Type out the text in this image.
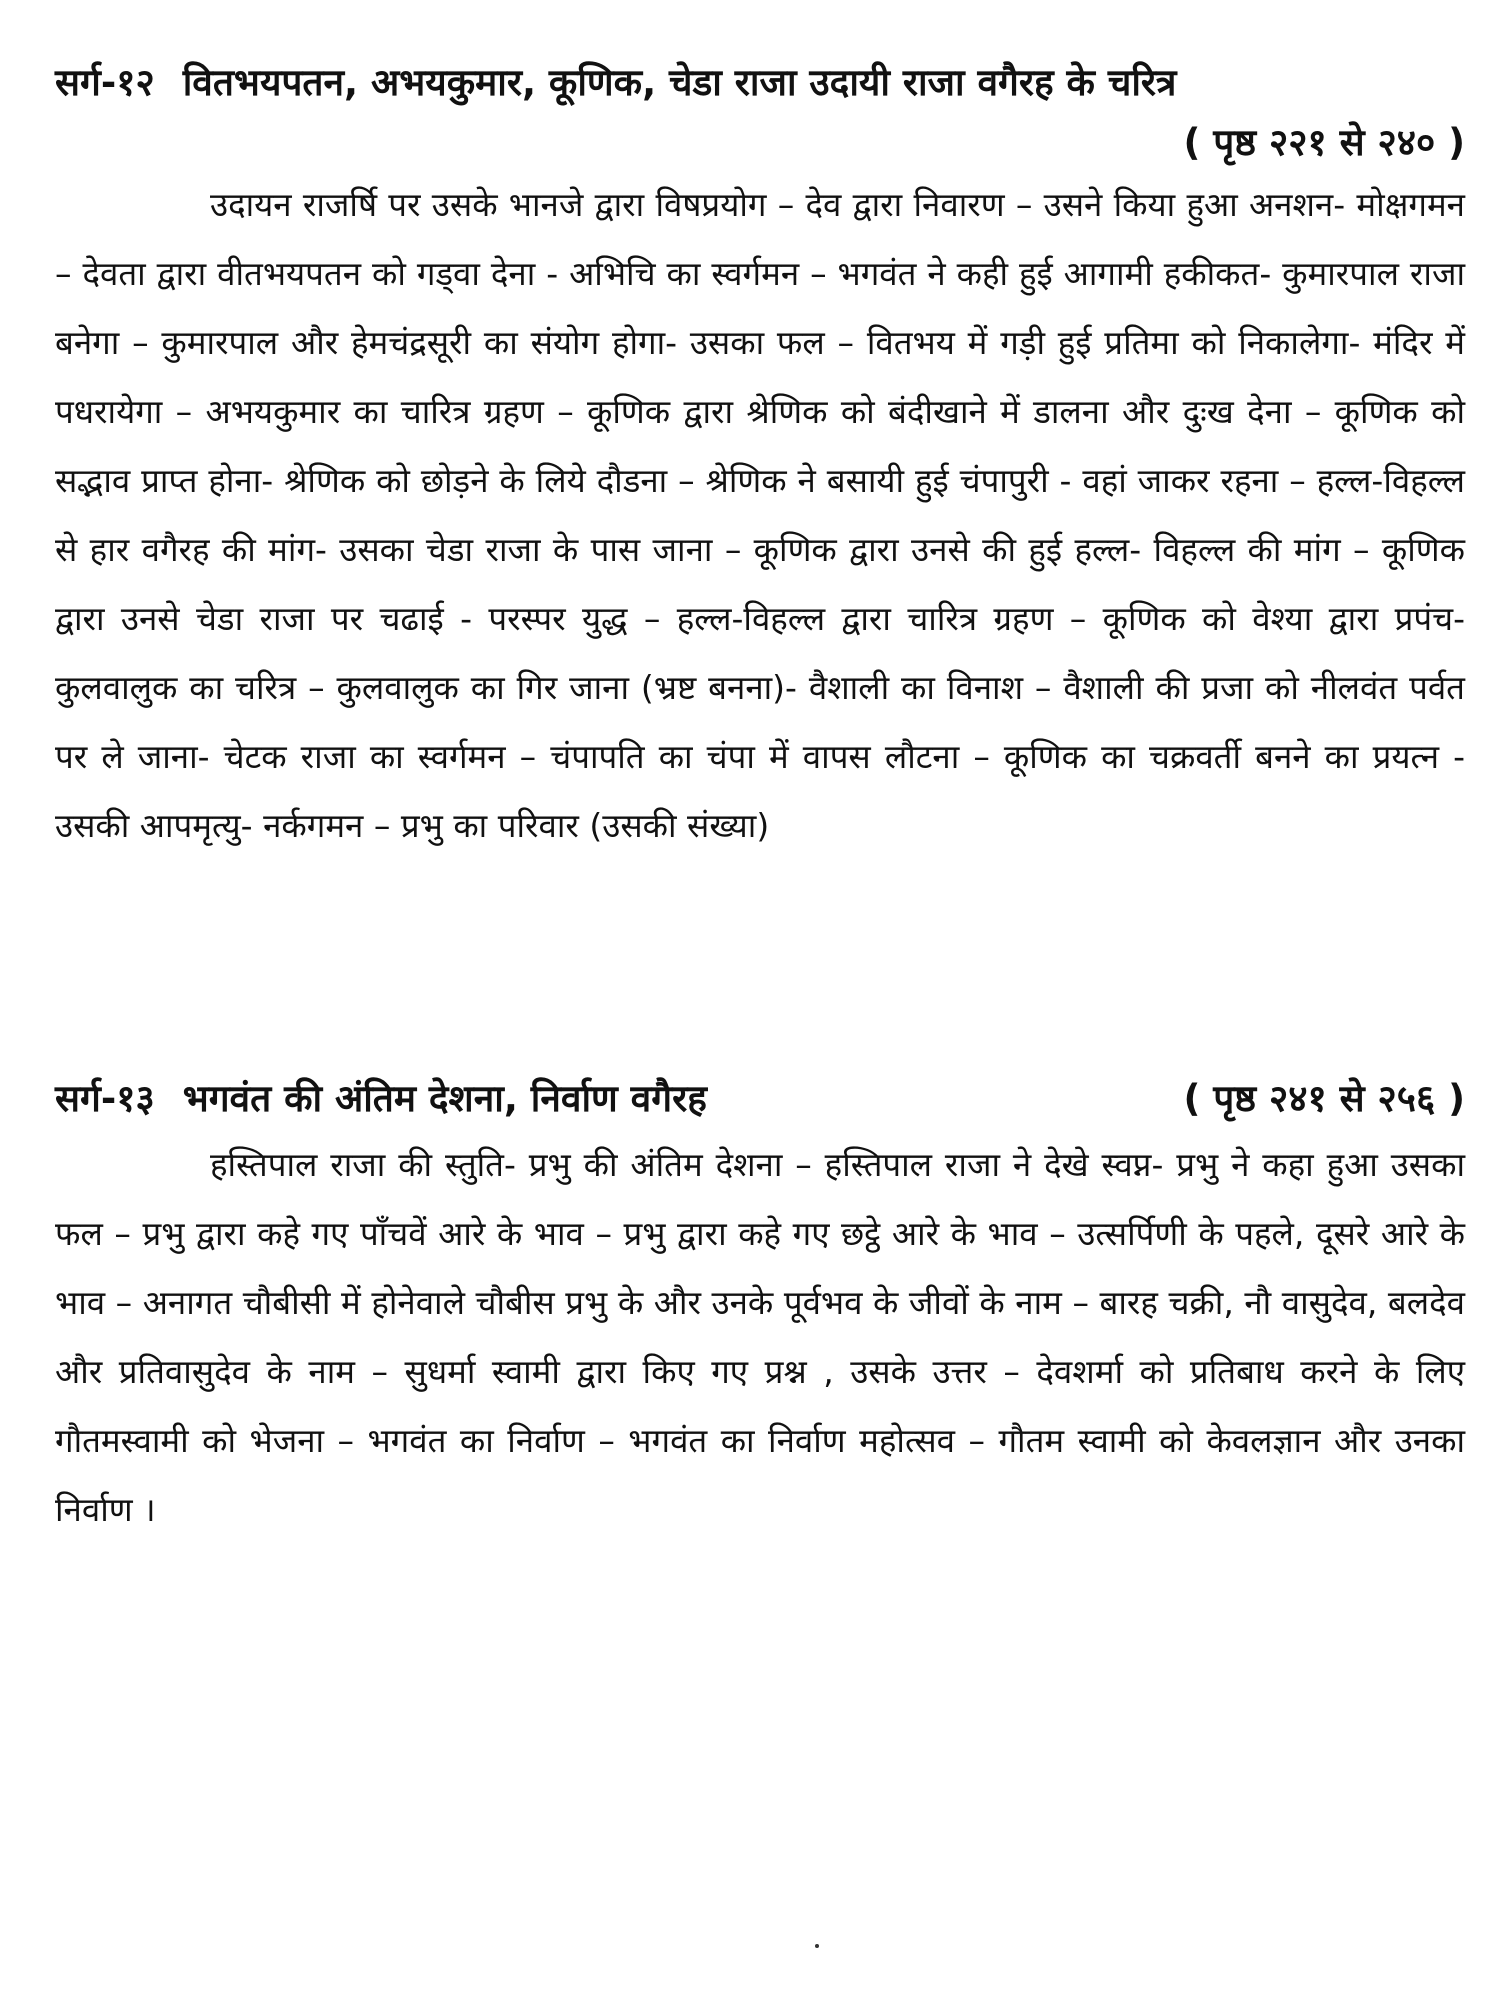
सर्ग-१२ वितभयपतन, अभयकुमार, कूणिक, चेडा राजा उदायी राजा वगैरह के चरित्र
( पृष्ठ २२१ से २४० )

उदायन राजर्षि पर उसके भानजे द्वारा विषप्रयोग – देव द्वारा निवारण – उसने किया हुआ अनशन- मोक्षगमन – देवता द्वारा वीतभयपतन को गड्वा देना - अभिचि का स्वर्गमन – भगवंत ने कही हुई आगामी हकीकत- कुमारपाल राजा बनेगा – कुमारपाल और हेमचंद्रसूरी का संयोग होगा- उसका फल – वितभय में गड़ी हुई प्रतिमा को निकालेगा- मंदिर में पधरायेगा – अभयकुमार का चारित्र ग्रहण – कूणिक द्वारा श्रेणिक को बंदीखाने में डालना और दुःख देना – कूणिक को सद्भाव प्राप्त होना- श्रेणिक को छोड़ने के लिये दौडना – श्रेणिक ने बसायी हुई चंपापुरी - वहां जाकर रहना – हल्ल-विहल्ल से हार वगैरह की मांग- उसका चेडा राजा के पास जाना – कूणिक द्वारा उनसे की हुई हल्ल- विहल्ल की मांग – कूणिक द्वारा उनसे चेडा राजा पर चढाई - परस्पर युद्ध – हल्ल-विहल्ल द्वारा चारित्र ग्रहण – कूणिक को वेश्या द्वारा प्रपंच- कुलवालुक का चरित्र – कुलवालुक का गिर जाना (भ्रष्ट बनना)- वैशाली का विनाश – वैशाली की प्रजा को नीलवंत पर्वत पर ले जाना- चेटक राजा का स्वर्गमन – चंपापति का चंपा में वापस लौटना – कूणिक का चक्रवर्ती बनने का प्रयत्न - उसकी आपमृत्यु- नर्कगमन – प्रभु का परिवार (उसकी संख्या)

सर्ग-१३ भगवंत की अंतिम देशना, निर्वाण वगैरह	( पृष्ठ २४१ से २५६ )

हस्तिपाल राजा की स्तुति- प्रभु की अंतिम देशना – हस्तिपाल राजा ने देखे स्वप्न- प्रभु ने कहा हुआ उसका फल – प्रभु द्वारा कहे गए पाँचवें आरे के भाव – प्रभु द्वारा कहे गए छट्ठे आरे के भाव – उत्सर्पिणी के पहले, दूसरे आरे के भाव – अनागत चौबीसी में होनेवाले चौबीस प्रभु के और उनके पूर्वभव के जीवों के नाम – बारह चक्री, नौ वासुदेव, बलदेव और प्रतिवासुदेव के नाम – सुधर्मा स्वामी द्वारा किए गए प्रश्न , उसके उत्तर – देवशर्मा को प्रतिबाध करने के लिए गौतमस्वामी को भेजना – भगवंत का निर्वाण – भगवंत का निर्वाण महोत्सव – गौतम स्वामी को केवलज्ञान और उनका निर्वाण ।
